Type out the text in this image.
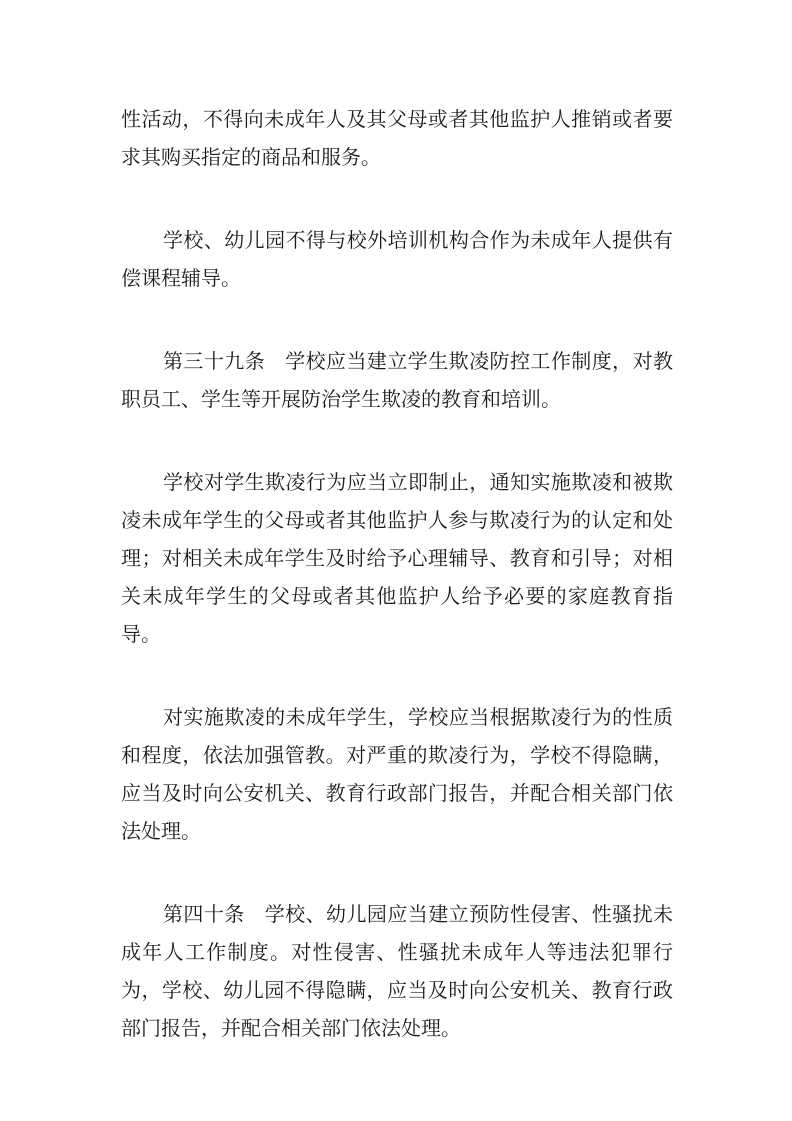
性活动，不得向未成年人及其父母或者其他监护人推销或者要求其购买指定的商品和服务。

学校、幼儿园不得与校外培训机构合作为未成年人提供有偿课程辅导。

第三十九条 学校应当建立学生欺凌防控工作制度，对教职员工、学生等开展防治学生欺凌的教育和培训。

学校对学生欺凌行为应当立即制止，通知实施欺凌和被欺凌未成年学生的父母或者其他监护人参与欺凌行为的认定和处理；对相关未成年学生及时给予心理辅导、教育和引导；对相关未成年学生的父母或者其他监护人给予必要的家庭教育指导。

对实施欺凌的未成年学生，学校应当根据欺凌行为的性质和程度，依法加强管教。对严重的欺凌行为，学校不得隐瞒，应当及时向公安机关、教育行政部门报告，并配合相关部门依法处理。

第四十条 学校、幼儿园应当建立预防性侵害、性骚扰未成年人工作制度。对性侵害、性骚扰未成年人等违法犯罪行为，学校、幼儿园不得隐瞒，应当及时向公安机关、教育行政部门报告，并配合相关部门依法处理。
